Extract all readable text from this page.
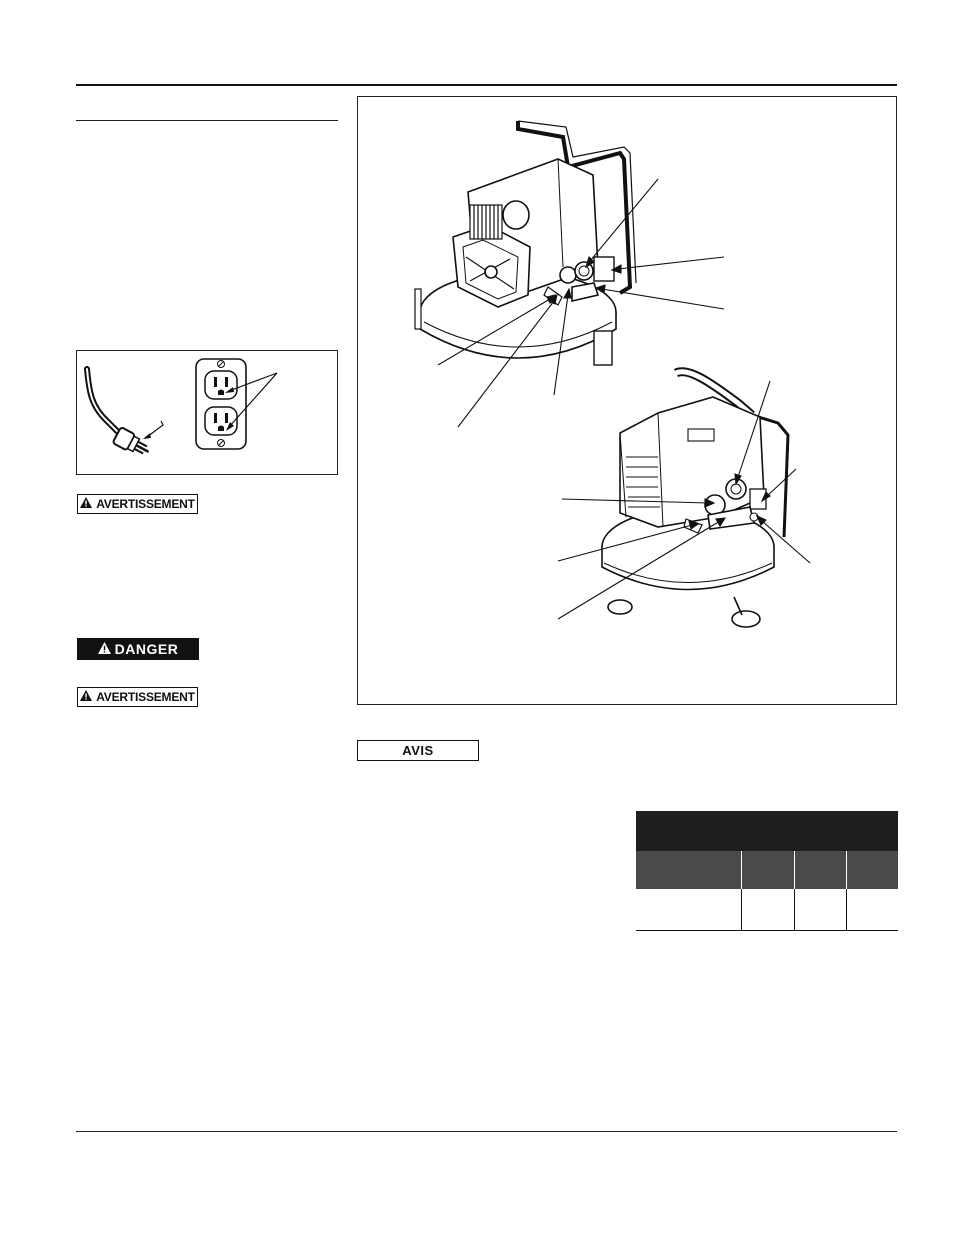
AVERTISSEMENT
DANGER
AVERTISSEMENT
AVIS
